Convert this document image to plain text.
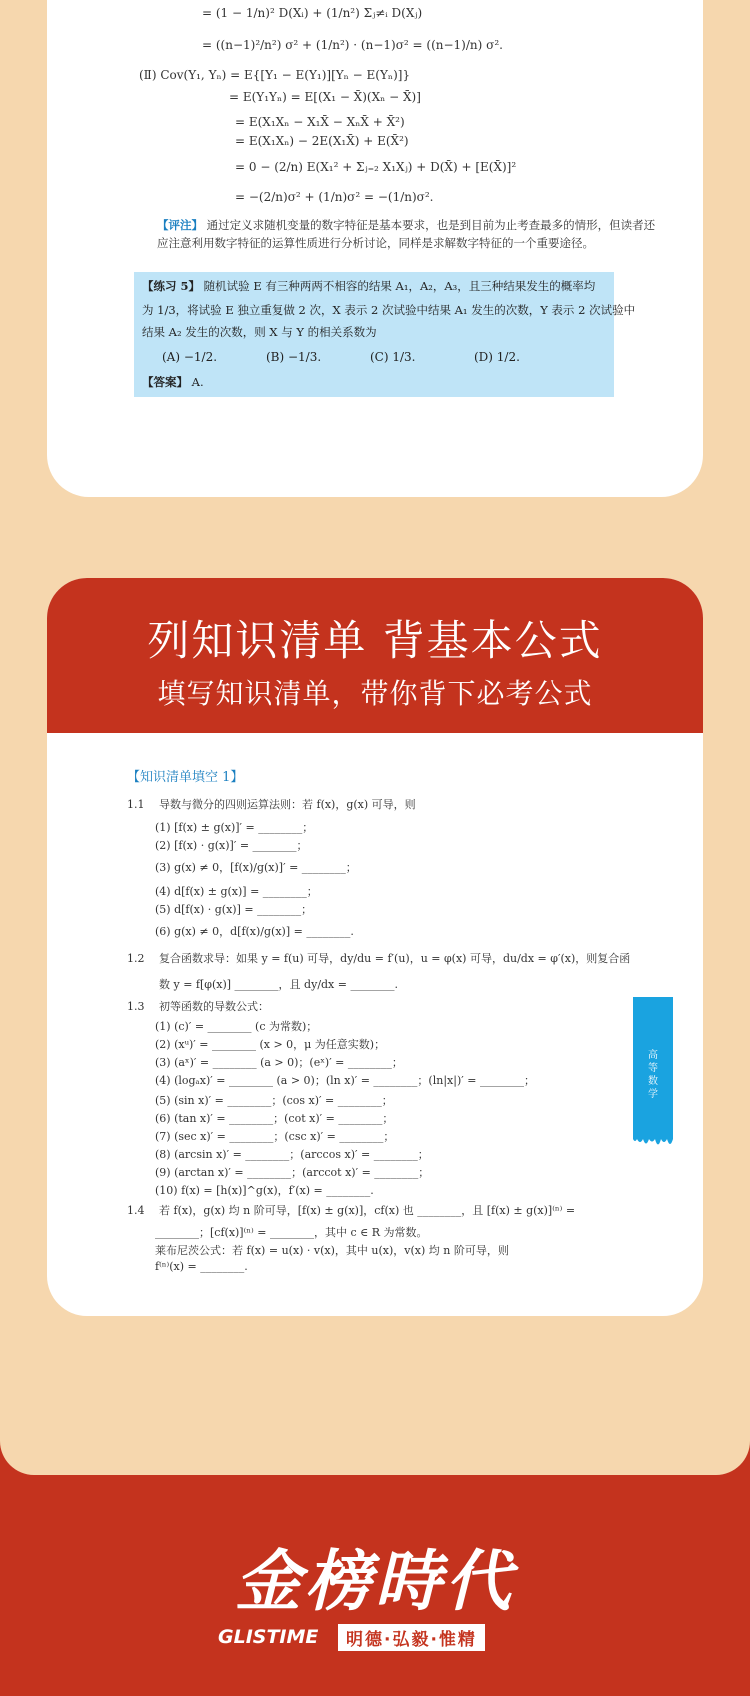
= (1 − 1/n)² D(Xᵢ) + (1/n²) Σⱼ≠ᵢ D(Xⱼ)
= ((n−1)²/n²) σ² + (1/n²) · (n−1)σ² = ((n−1)/n) σ².
(Ⅱ) Cov(Y₁, Yₙ) = E{[Y₁ − E(Y₁)][Yₙ − E(Yₙ)]}
= E(Y₁Yₙ) = E[(X₁ − X̄)(Xₙ − X̄)]
= E(X₁Xₙ − X₁X̄ − XₙX̄ + X̄²)
= E(X₁Xₙ) − 2E(X₁X̄) + E(X̄²)
= 0 − (2/n) E(X₁² + Σⱼ₌₂ X₁Xⱼ) + D(X̄) + [E(X̄)]²
= −(2/n)σ² + (1/n)σ² = −(1/n)σ².
【评注】 通过定义求随机变量的数字特征是基本要求，也是到目前为止考查最多的情形，但读者还应注意利用数字特征的运算性质进行分析讨论，同样是求解数字特征的一个重要途径。
【练习 5】 随机试验 E 有三种两两不相容的结果 A₁，A₂，A₃，且三种结果发生的概率均
为 1/3，将试验 E 独立重复做 2 次，X 表示 2 次试验中结果 A₁ 发生的次数，Y 表示 2 次试验中
结果 A₂ 发生的次数，则 X 与 Y 的相关系数为
(A) −1/2.	(B) −1/3.	(C) 1/3.	(D) 1/2.
【答案】 A.
列知识清单 背基本公式
填写知识清单，带你背下必考公式
【知识清单填空 1】
1.1 导数与微分的四则运算法则：若 f(x)，g(x) 可导，则
(1) [f(x) ± g(x)]′ = ________；
(2) [f(x) · g(x)]′ = ________；
(3) g(x) ≠ 0，[f(x)/g(x)]′ = ________；
(4) d[f(x) ± g(x)] = ________；
(5) d[f(x) · g(x)] = ________；
(6) g(x) ≠ 0，d[f(x)/g(x)] = ________.
1.2 复合函数求导：如果 y = f(u) 可导，dy/du = f′(u)，u = φ(x) 可导，du/dx = φ′(x)，则复合函
数 y = f[φ(x)] ________，且 dy/dx = ________.
1.3 初等函数的导数公式：
(1) (c)′ = ________ (c 为常数)；
(2) (xᵘ)′ = ________ (x > 0，μ 为任意实数)；
(3) (aˣ)′ = ________ (a > 0)；(eˣ)′ = ________；
(4) (logₐx)′ = ________ (a > 0)；(ln x)′ = ________；(ln|x|)′ = ________；
(5) (sin x)′ = ________；(cos x)′ = ________；
(6) (tan x)′ = ________；(cot x)′ = ________；
(7) (sec x)′ = ________；(csc x)′ = ________；
(8) (arcsin x)′ = ________；(arccos x)′ = ________；
(9) (arctan x)′ = ________；(arccot x)′ = ________；
(10) f(x) = [h(x)]^g(x)，f′(x) = ________.
1.4 若 f(x)，g(x) 均 n 阶可导，[f(x) ± g(x)]，cf(x) 也 ________，且 [f(x) ± g(x)]⁽ⁿ⁾ =
________；[cf(x)]⁽ⁿ⁾ = ________，其中 c ∈ R 为常数。
莱布尼茨公式：若 f(x) = u(x) · v(x)，其中 u(x)，v(x) 均 n 阶可导，则
f⁽ⁿ⁾(x) = ________.
高等数学
金榜時代
GLISTIME	明德·弘毅·惟精
